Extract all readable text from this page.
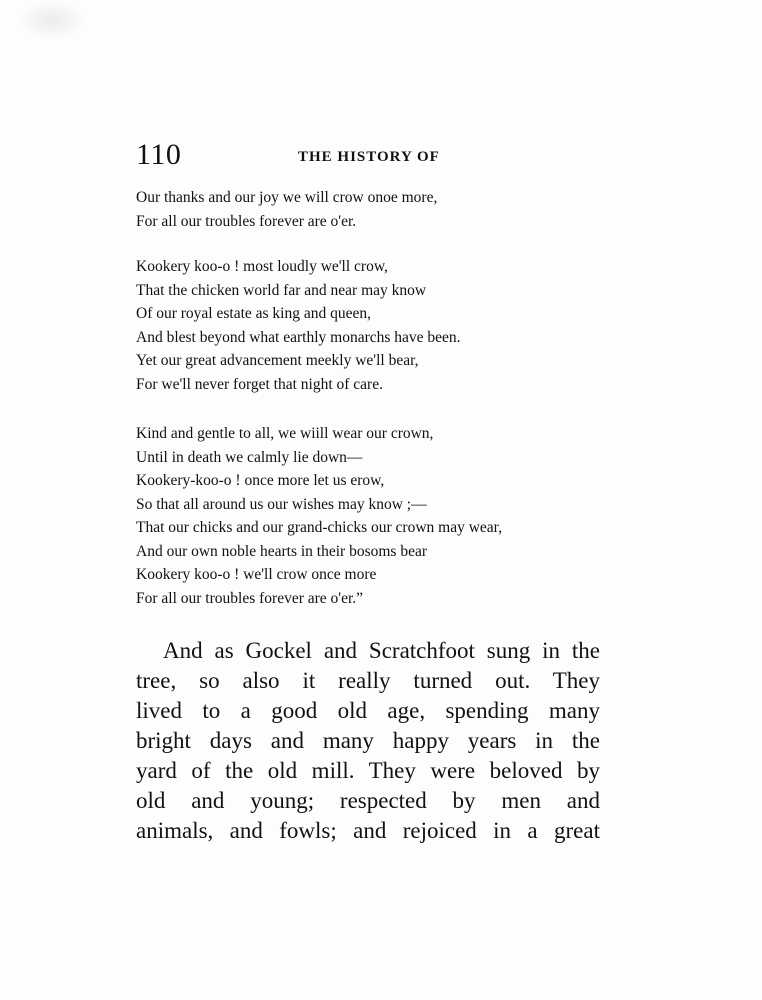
110	THE HISTORY OF
Our thanks and our joy we will crow onoe more,
For all our troubles forever are o'er.
Kookery koo-o ! most loudly we'll crow,
That the chicken world far and near may know
Of our royal estate as king and queen,
And blest beyond what earthly monarchs have been.
Yet our great advancement meekly we'll bear,
For we'll never forget that night of care.
Kind and gentle to all, we wiill wear our crown,
Until in death we calmly lie down—
Kookery-koo-o ! once more let us erow,
So that all around us our wishes may know ;—
That our chicks and our grand-chicks our crown may wear,
And our own noble hearts in their bosoms bear
Kookery koo-o ! we'll crow once more
For all our troubles forever are o'er.”
And as Gockel and Scratchfoot sung in the
tree, so also it really turned out. They
lived to a good old age, spending many
bright days and many happy years in the
yard of the old mill. They were beloved by
old and young; respected by men and
animals, and fowls; and rejoiced in a great
